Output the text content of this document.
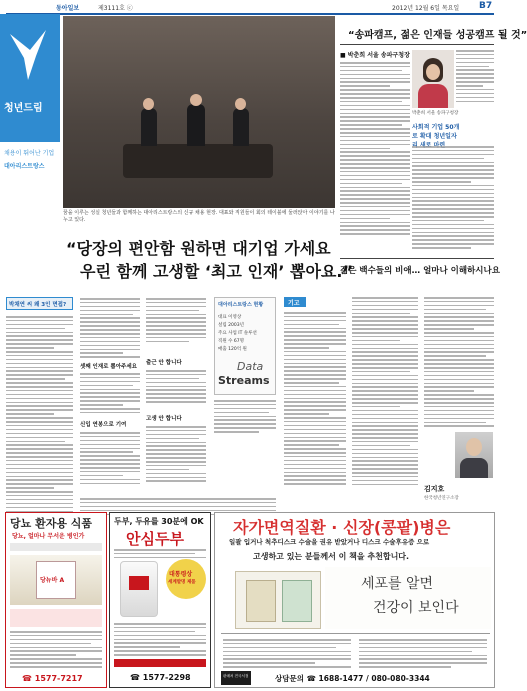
동아일보	제3111호 ⓒ	2012년 12월 6일 목요일 B7
청년드림
채용이 뛰어난 기업
대아리스트랑스
꿈을 이루는 성실 청년들과 함께하는 대아리스트랑스의 신규 채용 현장. 대표와 직원들이 회의 테이블에 둘러앉아 이야기를 나누고 있다.
“송파캠프, 젊은 인재들 성공캠프 될 것”
■ 박춘희 서울 송파구청장
박춘희 서울 송파구청장
사회적 기업 50개로 확대 청년일자
“당장의 편안함 원하면 대기업 가세요
우린 함께 고생할 ‘최고 인재’ 뽑아요.”
젊은 백수들의 비애… 얼마나 이해하시나요
박채연 씨 왜 3인 면접?
셋째 인재로 뽑아주세요
신입 연봉으로 기여
출근 안 합니다
고생 안 합니다
대아리스트랑스 현황
대표 이영상
설립 2003년
주요 사업 IT 솔루션
직원 수 67명
매출 120억 원
Data
Streams
기고
김지호
한국청년연구소장
당뇨 환자용 식품
당뇨, 얼마나 무서운 병인가
당뉴바 A
☎ 1577-7217
두부, 두유를 30분에 OK
안심두부
대통령상
세계발명 제품
☎ 1577-2298
자가면역질환 · 신장(콩팥)병은
일괄 입거나 척추디스크 수술을 권유 받았거나 디스크 수술후유증 으로
고생하고 있는 분들께서 이 책을 추천합니다.
세포를 알면
건강이 보인다
판매처 전국서점	상담문의 ☎ 1688-1477 / 080-080-3344
